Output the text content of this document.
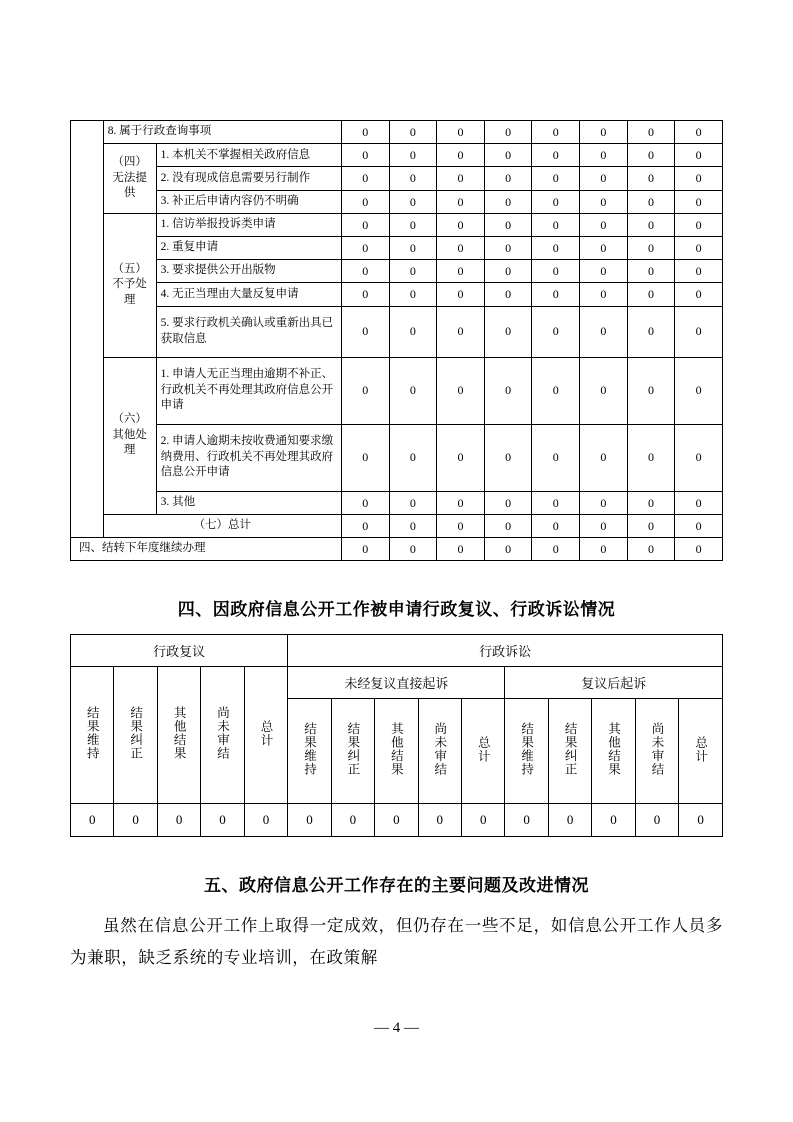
	8. 属于行政查询事项		0	0	0	0	0	0	0	0
	（四）
无法提
供	1. 本机关不掌握相关政府信息	0	0	0	0	0	0	0	0
		2. 没有现成信息需要另行制作	0	0	0	0	0	0	0	0
		3. 补正后申请内容仍不明确	0	0	0	0	0	0	0	0
	（五）
不予处
理	1. 信访举报投诉类申请	0	0	0	0	0	0	0	0
		2. 重复申请	0	0	0	0	0	0	0	0
		3. 要求提供公开出版物	0	0	0	0	0	0	0	0
		4. 无正当理由大量反复申请	0	0	0	0	0	0	0	0
		5. 要求行政机关确认或重新出具已获取信息	0	0	0	0	0	0	0	0
	（六）
其他处
理	1. 申请人无正当理由逾期不补正、行政机关不再处理其政府信息公开申请	0	0	0	0	0	0	0	0
		2. 申请人逾期未按收费通知要求缴纳费用、行政机关不再处理其政府信息公开申请	0	0	0	0	0	0	0	0
		3. 其他	0	0	0	0	0	0	0	0
	（七）总计		0	0	0	0	0	0	0	0
四、结转下年度继续办理			0	0	0	0	0	0	0	0
四、因政府信息公开工作被申请行政复议、行政诉讼情况
行政复议					行政诉讼									
结果维持	结果纠正	其他结果	尚未审结	总计	未经复议直接起诉					复议后起诉				
					结果维持	结果纠正	其他结果	尚未审结	总计	结果维持	结果纠正	其他结果	尚未审结	总计
0	0	0	0	0	0	0	0	0	0	0	0	0	0	0
五、政府信息公开工作存在的主要问题及改进情况

虽然在信息公开工作上取得一定成效，但仍存在一些不足，如信息公开工作人员多为兼职，缺乏系统的专业培训，在政策解

— 4 —
